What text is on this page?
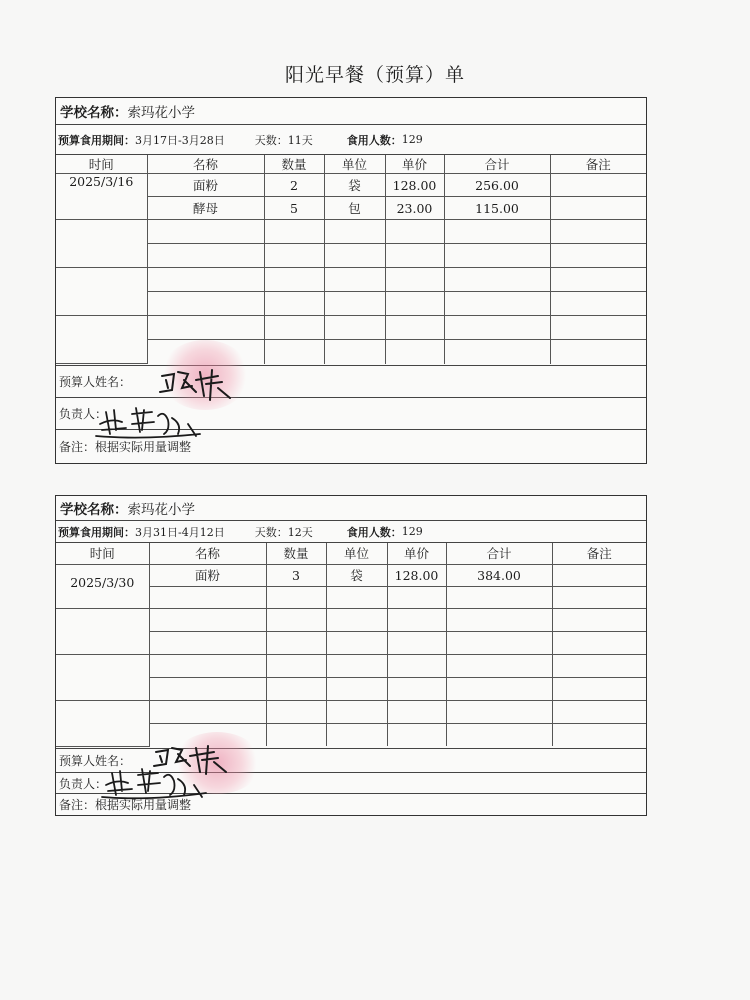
阳光早餐（预算）单
学校名称： 索玛花小学
预算食用期间： 3月17日-3月28日	天数： 11天	食用人数： 129
时间	名称	数量	单位	单价	合计	备注
2025/3/16	面粉	2	袋	128.00	256.00	
	酵母	5	包	23.00	115.00	

预算人姓名：
负责人：
备注：根据实际用量调整
学校名称： 索玛花小学
预算食用期间： 3月31日-4月12日	天数： 12天	食用人数： 129
时间	名称	数量	单位	单价	合计	备注
2025/3/30	面粉	3	袋	128.00	384.00	

预算人姓名：
负责人：
备注：根据实际用量调整
